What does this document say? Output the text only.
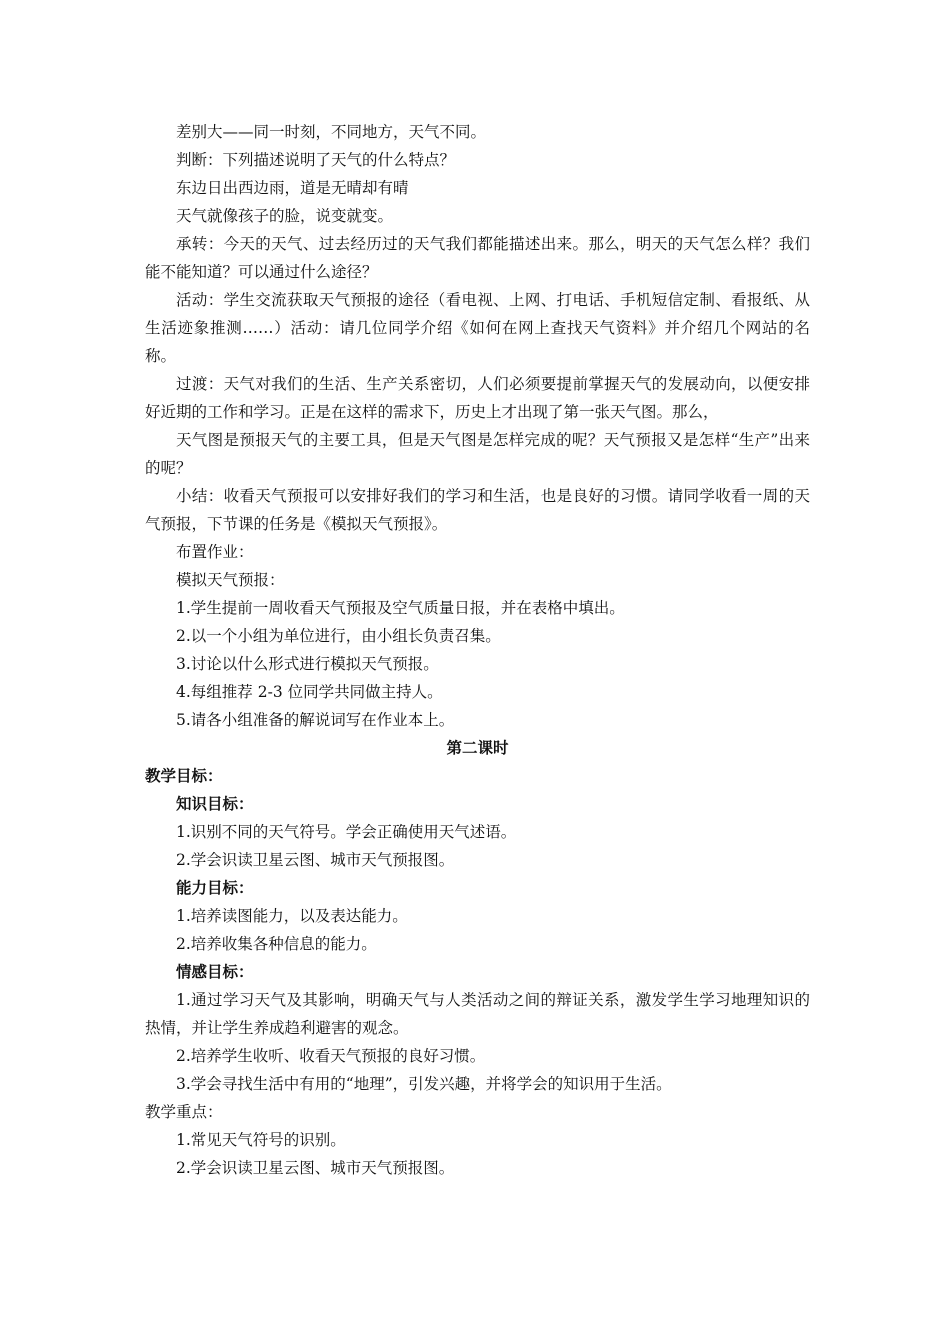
差别大——同一时刻，不同地方，天气不同。

判断：下列描述说明了天气的什么特点？

东边日出西边雨，道是无晴却有晴

天气就像孩子的脸，说变就变。

承转：今天的天气、过去经历过的天气我们都能描述出来。那么，明天的天气怎么样？我们能不能知道？可以通过什么途径？

活动：学生交流获取天气预报的途径（看电视、上网、打电话、手机短信定制、看报纸、从生活迹象推测……）活动：请几位同学介绍《如何在网上查找天气资料》并介绍几个网站的名称。

过渡：天气对我们的生活、生产关系密切，人们必须要提前掌握天气的发展动向，以便安排好近期的工作和学习。正是在这样的需求下，历史上才出现了第一张天气图。那么，

天气图是预报天气的主要工具，但是天气图是怎样完成的呢？天气预报又是怎样“生产”出来的呢？

小结：收看天气预报可以安排好我们的学习和生活，也是良好的习惯。请同学收看一周的天气预报，下节课的任务是《模拟天气预报》。

布置作业：

模拟天气预报：

1.学生提前一周收看天气预报及空气质量日报，并在表格中填出。

2.以一个小组为单位进行，由小组长负责召集。

3.讨论以什么形式进行模拟天气预报。

4.每组推荐 2-3 位同学共同做主持人。

5.请各小组准备的解说词写在作业本上。

第二课时

教学目标：

知识目标：

1.识别不同的天气符号。学会正确使用天气述语。

2.学会识读卫星云图、城市天气预报图。

能力目标：

1.培养读图能力，以及表达能力。

2.培养收集各种信息的能力。

情感目标：

1.通过学习天气及其影响，明确天气与人类活动之间的辩证关系，激发学生学习地理知识的热情，并让学生养成趋利避害的观念。

2.培养学生收听、收看天气预报的良好习惯。

3.学会寻找生活中有用的“地理”，引发兴趣，并将学会的知识用于生活。

教学重点：

1.常见天气符号的识别。

2.学会识读卫星云图、城市天气预报图。
